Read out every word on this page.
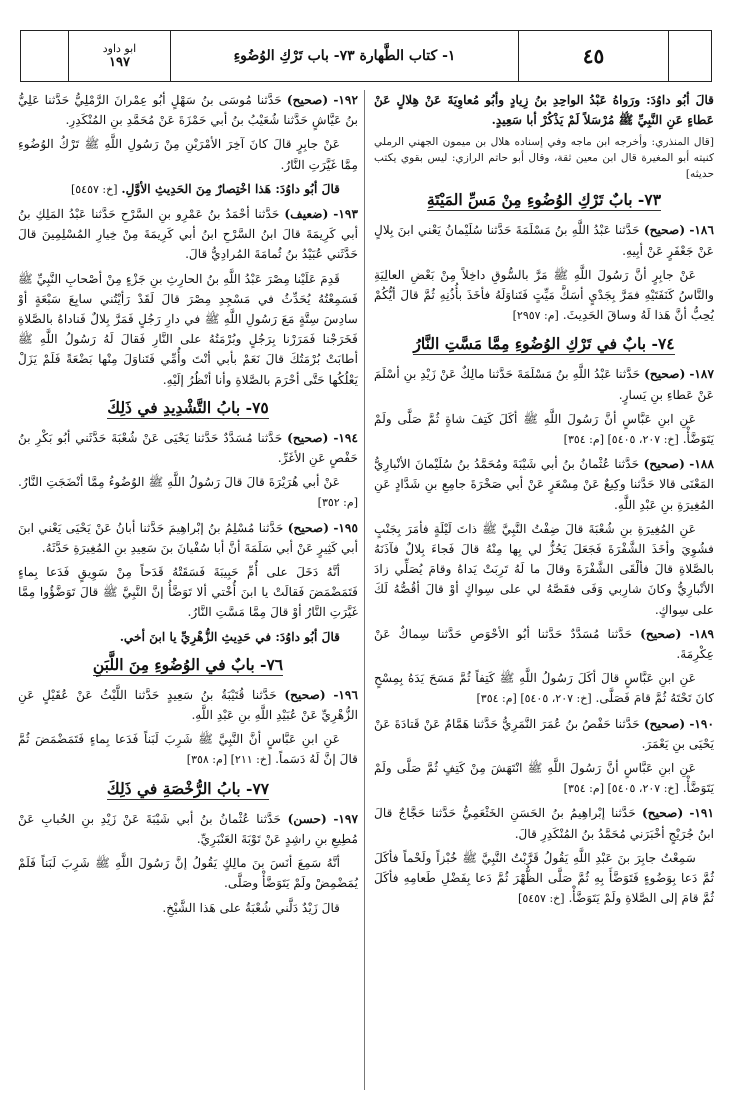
ابو داود
١٩٧	١- كتاب الطَّهارة ٧٣- باب تَرْكِ الوُضُوءِ	٤٥

قالَ أبُو داوُدَ: ورَواهُ عَبْدُ الواحِدِ بنُ زِيادٍ وأبُو مُعاوِيَةَ عَنْ هِلالٍ عَنْ عَطاءٍ عَنِ النَّبِيِّ ﷺ مُرْسَلاً لَمْ يَذْكُرْ أبا سَعِيدٍ.

[قال المنذري: وأخرجه ابن ماجه وفي إسناده هلال بن ميمون الجهني الرملي كنيته أبو المغيرة قال ابن معين ثقة، وقال أبو حاتم الرازي: ليس بقوي يكتب حديثه]

٧٣- بابٌ تَرْكِ الوُضُوءِ مِنْ مَسِّ المَيْتَةِ

١٨٦- (صحيح) حَدَّثنا عَبْدُ اللَّهِ بنُ مَسْلَمَةَ حَدَّثنا سُلَيْمانُ يَعْني ابنَ بِلالٍ عَنْ جَعْفَرٍ عَنْ أبِيهِ.

عَنْ جابِرٍ أنَّ رَسُولَ اللَّهِ ﷺ مَرَّ بالسُّوقِ داخِلاً مِنْ بَعْضِ العالِيَةِ والنَّاسُ كَنَفَتَيْهِ فمَرَّ بِجَدْيٍ أسَكَّ مَيِّتٍ فَتَناوَلَهُ فأخَذَ بأُذُنِهِ ثُمَّ قالَ أيُّكُمْ يُحِبُّ أنَّ هَذا لَهُ وساقَ الحَدِيثَ. [م: ٢٩٥٧]

٧٤- بابٌ في تَرْكِ الوُضُوءِ مِمَّا مَسَّتِ النَّارُ

١٨٧- (صحيح) حَدَّثنا عَبْدُ اللَّهِ بنُ مَسْلَمَةَ حَدَّثنا مالِكٌ عَنْ زَيْدِ بنِ أسْلَمَ عَنْ عَطاءِ بنِ يَسارٍ.

عَنِ ابنِ عَبَّاسٍ أنَّ رَسُولَ اللَّهِ ﷺ أكَلَ كَتِفَ شاةٍ ثُمَّ صَلَّى ولَمْ يَتَوَضَّأْ. [خ: ٢٠٧، ٥٤٠٥] [م: ٣٥٤]

١٨٨- (صحيح) حَدَّثنا عُثْمانُ بنُ أبي شَيْبَةَ ومُحَمَّدُ بنُ سُلَيْمانَ الأنْبارِيُّ المَعْنَى قالا حَدَّثنا وكِيعٌ عَنْ مِسْعَرٍ عَنْ أبي صَخْرَةَ جامِعِ بنِ شَدَّادٍ عَنِ المُغِيرَةِ بنِ عَبْدِ اللَّهِ.

عَنِ المُغِيرَةِ بنِ شُعْبَةَ قالَ ضِفْتُ النَّبِيَّ ﷺ ذاتَ لَيْلَةٍ فأمَرَ بِجَنْبٍ فشُوِيَ وأخَذَ الشَّفْرَةَ فَجَعَلَ يَحُزُّ لي بِها مِنْهُ قالَ فَجاءَ بِلالٌ فآذَنَهُ بالصَّلاةِ قالَ فألْقَى الشَّفْرَةَ وقالَ ما لَهُ تَرِبَتْ يَداهُ وقامَ يُصَلِّي زادَ الأنْبارِيُّ وكانَ شارِبي وَفَى فقَصَّهُ لي على سِواكٍ أوْ قالَ أقُصُّهُ لَكَ على سِواكٍ.

١٨٩- (صحيح) حَدَّثنا مُسَدَّدٌ حَدَّثنا أبُو الأحْوَصِ حَدَّثنا سِماكٌ عَنْ عِكْرِمَةَ.

عَنِ ابنِ عَبَّاسٍ قالَ أكَلَ رَسُولُ اللَّهِ ﷺ كَتِفاً ثُمَّ مَسَحَ يَدَهُ بِمِسْحٍ كانَ تَحْتَهُ ثُمَّ قامَ فَصَلَّى. [خ: ٢٠٧، ٥٤٠٥] [م: ٣٥٤]

١٩٠- (صحيح) حَدَّثنا حَفْصُ بنُ عُمَرَ النَّمَرِيُّ حَدَّثنا هَمَّامٌ عَنْ قَتادَةَ عَنْ يَحْيَى بنِ يَعْمَرَ.

عَنِ ابنِ عَبَّاسٍ أنَّ رَسُولَ اللَّهِ ﷺ انْتَهَشَ مِنْ كَتِفٍ ثُمَّ صَلَّى ولَمْ يَتَوَضَّأْ. [خ: ٢٠٧، ٥٤٠٥] [م: ٣٥٤]

١٩١- (صحيح) حَدَّثنا إبْراهِيمُ بنُ الحَسَنِ الخَثْعَمِيُّ حَدَّثنا حَجَّاجٌ قالَ ابنُ جُرَيْجٍ أخْبَرَني مُحَمَّدُ بنُ المُنْكَدِرِ قالَ.

سَمِعْتُ جابِرَ بنَ عَبْدِ اللَّهِ يَقُولُ قَرَّبْتُ النَّبِيَّ ﷺ خُبْزاً ولَحْماً فأكَلَ ثُمَّ دَعا بِوَضُوءٍ فَتَوَضَّأَ بِهِ ثُمَّ صَلَّى الظُّهْرَ ثُمَّ دَعا بِفَضْلِ طَعامِهِ فأكَلَ ثُمَّ قامَ إلى الصَّلاةِ ولَمْ يَتَوَضَّأْ. [خ: ٥٤٥٧]

١٩٢- (صحيح) حَدَّثنا مُوسَى بنُ سَهْلٍ أبُو عِمْرانَ الرَّمْلِيُّ حَدَّثنا عَلِيُّ بنُ عَيَّاشٍ حَدَّثنا شُعَيْبُ بنُ أبي حَمْزَةَ عَنْ مُحَمَّدِ بنِ المُنْكَدِرِ.

عَنْ جابِرٍ قالَ كانَ آخِرَ الأمْرَيْنِ مِنْ رَسُولِ اللَّهِ ﷺ تَرْكُ الوُضُوءِ مِمَّا غَيَّرَتِ النَّارُ.

قالَ أبُو داوُدَ: هَذا اخْتِصارٌ مِنَ الحَدِيثِ الأوَّلِ. [خ: ٥٤٥٧]

١٩٣- (ضعيف) حَدَّثنا أحْمَدُ بنُ عَمْرِو بنِ السَّرْحِ حَدَّثنا عَبْدُ المَلِكِ بنُ أبي كَرِيمَةَ قالَ ابنُ السَّرْحِ ابنُ أبي كَرِيمَةَ مِنْ خِيارِ المُسْلِمِينَ قالَ حَدَّثَني عُبَيْدُ بنُ ثُمامَةَ المُرادِيُّ قالَ.

قَدِمَ عَلَيْنا مِصْرَ عَبْدُ اللَّهِ بنُ الحارِثِ بنِ جَزْءٍ مِنْ أصْحابِ النَّبِيِّ ﷺ فَسَمِعْتُهُ يُحَدِّثُ في مَسْجِدِ مِصْرَ قالَ لَقَدْ رَأيْتُني سابِعَ سَبْعَةٍ أوْ سادِسَ سِتَّةٍ مَعَ رَسُولِ اللَّهِ ﷺ في دارِ رَجُلٍ فَمَرَّ بِلالٌ فَناداهُ بالصَّلاةِ فَخَرَجْنا فَمَرَرْنا بِرَجُلٍ وبُرْمَتُهُ على النَّارِ فَقالَ لَهُ رَسُولُ اللَّهِ ﷺ أطابَتْ بُرْمَتُكَ قالَ نَعَمْ بأبي أنْتَ وأُمِّي فَتَناوَلَ مِنْها بَضْعَةً فَلَمْ يَزَلْ يَعْلُكُها حَتَّى أحْرَمَ بالصَّلاةِ وأنا أنْظُرُ إلَيْهِ.

٧٥- بابُ التَّشْدِيدِ في ذَلِكَ

١٩٤- (صحيح) حَدَّثنا مُسَدَّدٌ حَدَّثنا يَحْيَى عَنْ شُعْبَةَ حَدَّثَني أبُو بَكْرِ بنُ حَفْصٍ عَنِ الأغَرِّ.

عَنْ أبي هُرَيْرَةَ قالَ قالَ رَسُولُ اللَّهِ ﷺ الوُضُوءُ مِمَّا أنْضَجَتِ النَّارُ. [م: ٣٥٢]

١٩٥- (صحيح) حَدَّثنا مُسْلِمُ بنُ إبْراهِيمَ حَدَّثنا أبانُ عَنْ يَحْيَى يَعْني ابنَ أبي كَثِيرٍ عَنْ أبي سَلَمَةَ أنَّ أبا سُفْيانَ بنَ سَعِيدِ بنِ المُغِيرَةِ حَدَّثَهُ.

أنَّهُ دَخَلَ على أُمِّ حَبِيبَةَ فَسَقَتْهُ قَدَحاً مِنْ سَوِيقٍ فَدَعا بِماءٍ فَتَمَضْمَضَ فَقالَتْ يا ابنَ أُخْتي ألا تَوَضَّأُ إنَّ النَّبِيَّ ﷺ قالَ تَوَضَّؤُوا مِمَّا غَيَّرَتِ النَّارُ أوْ قالَ مِمَّا مَسَّتِ النَّارُ.

قالَ أبُو داوُدَ: في حَدِيثِ الزُّهْرِيِّ يا ابنَ أخي.

٧٦- بابٌ في الوُضُوءِ مِنَ اللَّبَنِ

١٩٦- (صحيح) حَدَّثنا قُتَيْبَةُ بنُ سَعِيدٍ حَدَّثنا اللَّيْثُ عَنْ عُقَيْلٍ عَنِ الزُّهْرِيِّ عَنْ عُبَيْدِ اللَّهِ بنِ عَبْدِ اللَّهِ.

عَنِ ابنِ عَبَّاسٍ أنَّ النَّبِيَّ ﷺ شَرِبَ لَبَناً فَدَعا بِماءٍ فَتَمَضْمَضَ ثُمَّ قالَ إنَّ لَهُ دَسَماً. [خ: ٢١١] [م: ٣٥٨]

٧٧- بابُ الرُّخْصَةِ في ذَلِكَ

١٩٧- (حسن) حَدَّثنا عُثْمانُ بنُ أبي شَيْبَةَ عَنْ زَيْدِ بنِ الحُبابِ عَنْ مُطِيعِ بنِ راشِدٍ عَنْ تَوْبَةَ العَنْبَرِيِّ.

أنَّهُ سَمِعَ أنَسَ بنَ مالِكٍ يَقُولُ إنَّ رَسُولَ اللَّهِ ﷺ شَرِبَ لَبَناً فَلَمْ يُمَضْمِضْ ولَمْ يَتَوَضَّأْ وصَلَّى.

قالَ زَيْدٌ دَلَّني شُعْبَةُ على هَذا الشَّيْخِ.
